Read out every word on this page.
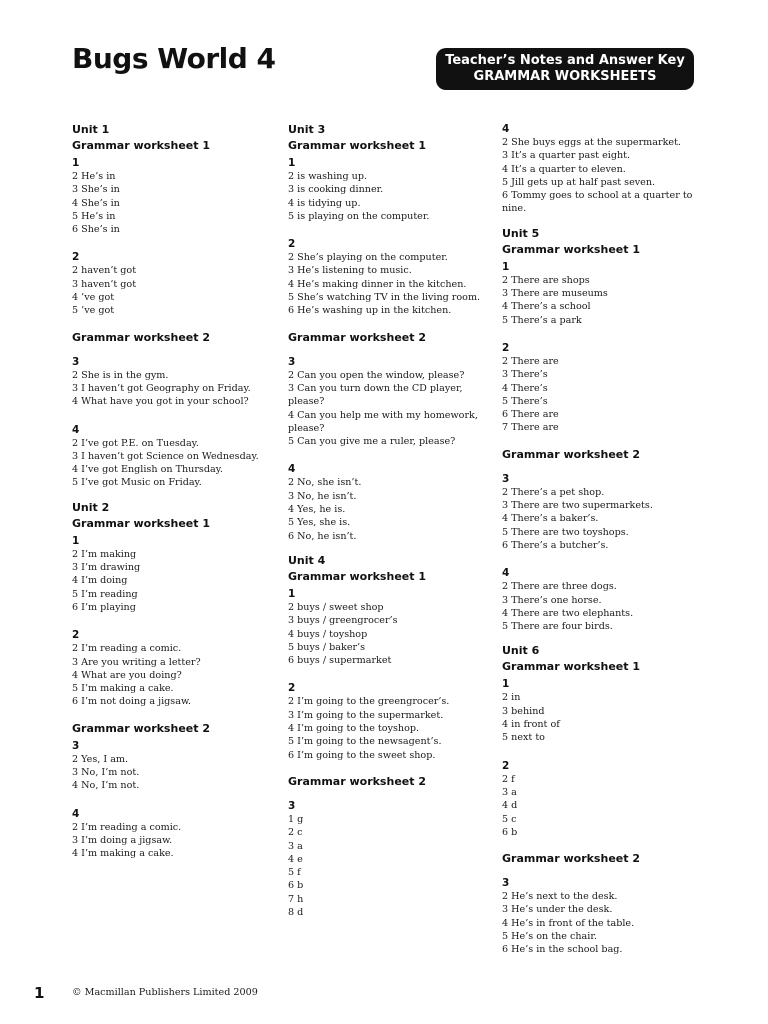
Bugs World 4	Teacher’s Notes and Answer Key
GRAMMAR WORKSHEETS
Unit 1
Grammar worksheet 1
1
2 He’s in
3 She’s in
4 She’s in
5 He’s in
6 She’s in
2
2 haven’t got
3 haven’t got
4 ’ve got
5 ’ve got
Grammar worksheet 2
3
2 She is in the gym.
3 I haven’t got Geography on Friday.
4 What have you got in your school?
4
2 I’ve got P.E. on Tuesday.
3 I haven’t got Science on Wednesday.
4 I’ve got English on Thursday.
5 I’ve got Music on Friday.
Unit 2
Grammar worksheet 1
1
2 I’m making
3 I’m drawing
4 I’m doing
5 I’m reading
6 I’m playing
2
2 I’m reading a comic.
3 Are you writing a letter?
4 What are you doing?
5 I’m making a cake.
6 I’m not doing a jigsaw.
Grammar worksheet 2
3
2 Yes, I am.
3 No, I’m not.
4 No, I’m not.
4
2 I’m reading a comic.
3 I’m doing a jigsaw.
4 I’m making a cake.
Unit 3
Grammar worksheet 1
1
2 is washing up.
3 is cooking dinner.
4 is tidying up.
5 is playing on the computer.
2
2 She’s playing on the computer.
3 He’s listening to music.
4 He’s making dinner in the kitchen.
5 She’s watching TV in the living room.
6 He’s washing up in the kitchen.
Grammar worksheet 2
3
2 Can you open the window, please?
3 Can you turn down the CD player,
please?
4 Can you help me with my homework,
please?
5 Can you give me a ruler, please?
4
2 No, she isn’t.
3 No, he isn’t.
4 Yes, he is.
5 Yes, she is.
6 No, he isn’t.
Unit 4
Grammar worksheet 1
1
2 buys / sweet shop
3 buys / greengrocer’s
4 buys / toyshop
5 buys / baker’s
6 buys / supermarket
2
2 I’m going to the greengrocer’s.
3 I’m going to the supermarket.
4 I’m going to the toyshop.
5 I’m going to the newsagent’s.
6 I’m going to the sweet shop.
Grammar worksheet 2
3
1 g
2 c
3 a
4 e
5 f
6 b
7 h
8 d
4
2 She buys eggs at the supermarket.
3 It’s a quarter past eight.
4 It’s a quarter to eleven.
5 Jill gets up at half past seven.
6 Tommy goes to school at a quarter to
nine.
Unit 5
Grammar worksheet 1
1
2 There are shops
3 There are museums
4 There’s a school
5 There’s a park
2
2 There are
3 There’s
4 There’s
5 There’s
6 There are
7 There are
Grammar worksheet 2
3
2 There’s a pet shop.
3 There are two supermarkets.
4 There’s a baker’s.
5 There are two toyshops.
6 There’s a butcher’s.
4
2 There are three dogs.
3 There’s one horse.
4 There are two elephants.
5 There are four birds.
Unit 6
Grammar worksheet 1
1
2 in
3 behind
4 in front of
5 next to
2
2 f
3 a
4 d
5 c
6 b
Grammar worksheet 2
3
2 He’s next to the desk.
3 He’s under the desk.
4 He’s in front of the table.
5 He’s on the chair.
6 He’s in the school bag.
1	© Macmillan Publishers Limited 2009
